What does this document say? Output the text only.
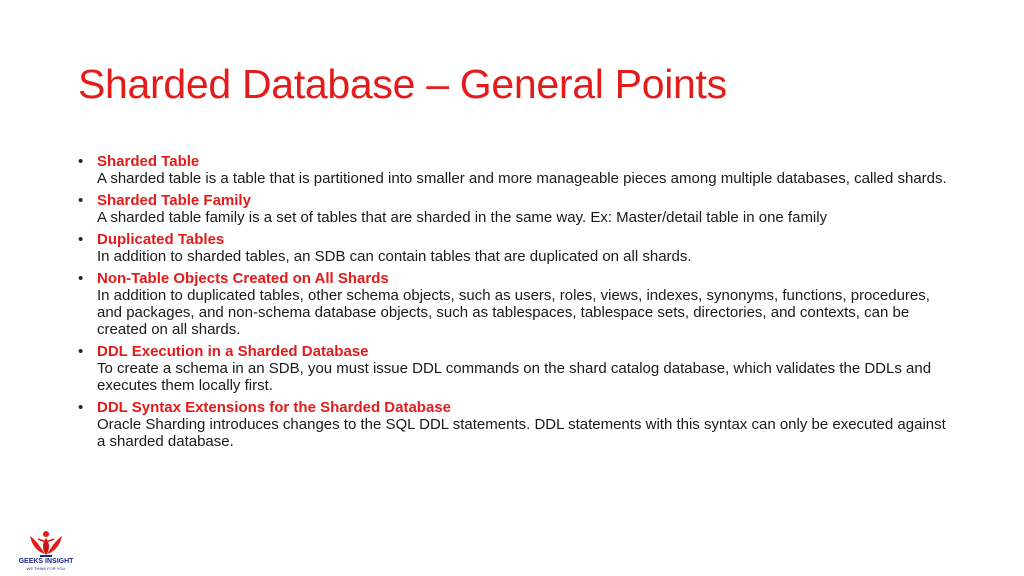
Sharded Database – General Points
• Sharded Table
A sharded table is a table that is partitioned into smaller and more manageable pieces among multiple databases, called shards.
• Sharded Table Family
A sharded table family is a set of tables that are sharded in the same way. Ex: Master/detail table in one family
• Duplicated Tables
In addition to sharded tables, an SDB can contain tables that are duplicated on all shards.
• Non-Table Objects Created on All Shards
In addition to duplicated tables, other schema objects, such as users, roles, views, indexes, synonyms, functions, procedures, and packages, and non-schema database objects, such as tablespaces, tablespace sets, directories, and contexts, can be created on all shards.
• DDL Execution in a Sharded Database
To create a schema in an SDB, you must issue DDL commands on the shard catalog database, which validates the DDLs and executes them locally first.
• DDL Syntax Extensions for the Sharded Database
Oracle Sharding introduces changes to the SQL DDL statements. DDL statements with this syntax can only be executed against a sharded database.
GEEKS INSIGHT
WE THINK FOR YOU
